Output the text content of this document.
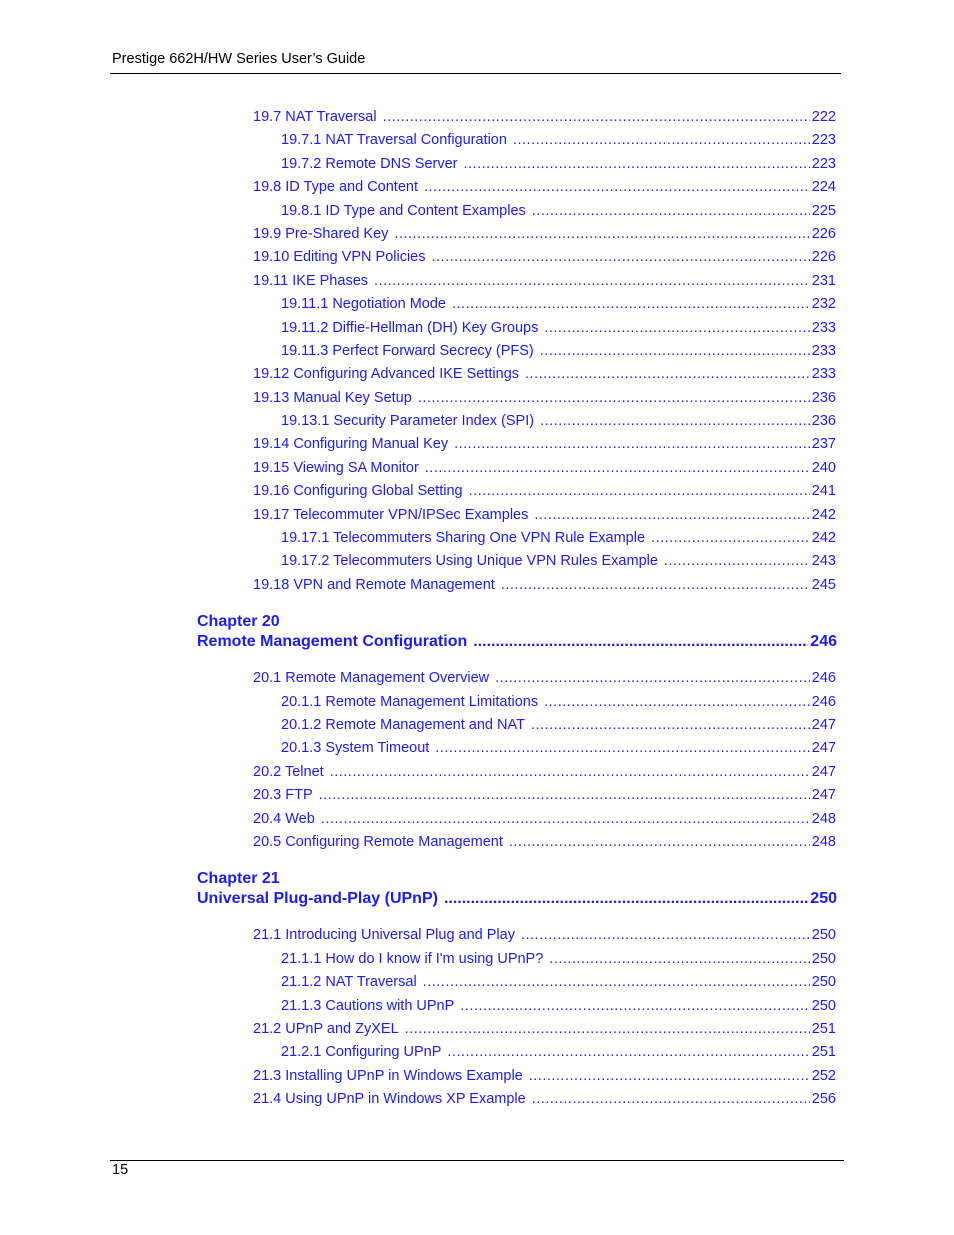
Prestige 662H/HW Series User’s Guide
19.7 NAT Traversal .....	222
19.7.1 NAT Traversal Configuration .....	223
19.7.2 Remote DNS Server .....	223
19.8 ID Type and Content .....	224
19.8.1 ID Type and Content Examples .....	225
19.9 Pre-Shared Key .....	226
19.10 Editing VPN Policies .....	226
19.11 IKE Phases .....	231
19.11.1 Negotiation Mode .....	232
19.11.2 Diffie-Hellman (DH) Key Groups .....	233
19.11.3 Perfect Forward Secrecy (PFS) .....	233
19.12 Configuring Advanced IKE Settings .....	233
19.13 Manual Key Setup .....	236
19.13.1 Security Parameter Index (SPI) .....	236
19.14 Configuring Manual Key .....	237
19.15 Viewing SA Monitor .....	240
19.16 Configuring Global Setting .....	241
19.17 Telecommuter VPN/IPSec Examples .....	242
19.17.1 Telecommuters Sharing One VPN Rule Example .....	242
19.17.2 Telecommuters Using Unique VPN Rules Example .....	243
19.18 VPN and Remote Management .....	245
Chapter 20
Remote Management Configuration .....	246
20.1 Remote Management Overview .....	246
20.1.1 Remote Management Limitations .....	246
20.1.2 Remote Management and NAT .....	247
20.1.3 System Timeout .....	247
20.2 Telnet .....	247
20.3 FTP .....	247
20.4 Web .....	248
20.5 Configuring Remote Management .....	248
Chapter 21
Universal Plug-and-Play (UPnP) .....	250
21.1 Introducing Universal Plug and Play .....	250
21.1.1 How do I know if I'm using UPnP? .....	250
21.1.2 NAT Traversal .....	250
21.1.3 Cautions with UPnP .....	250
21.2 UPnP and ZyXEL .....	251
21.2.1 Configuring UPnP .....	251
21.3 Installing UPnP in Windows Example .....	252
21.4 Using UPnP in Windows XP Example .....	256
15
